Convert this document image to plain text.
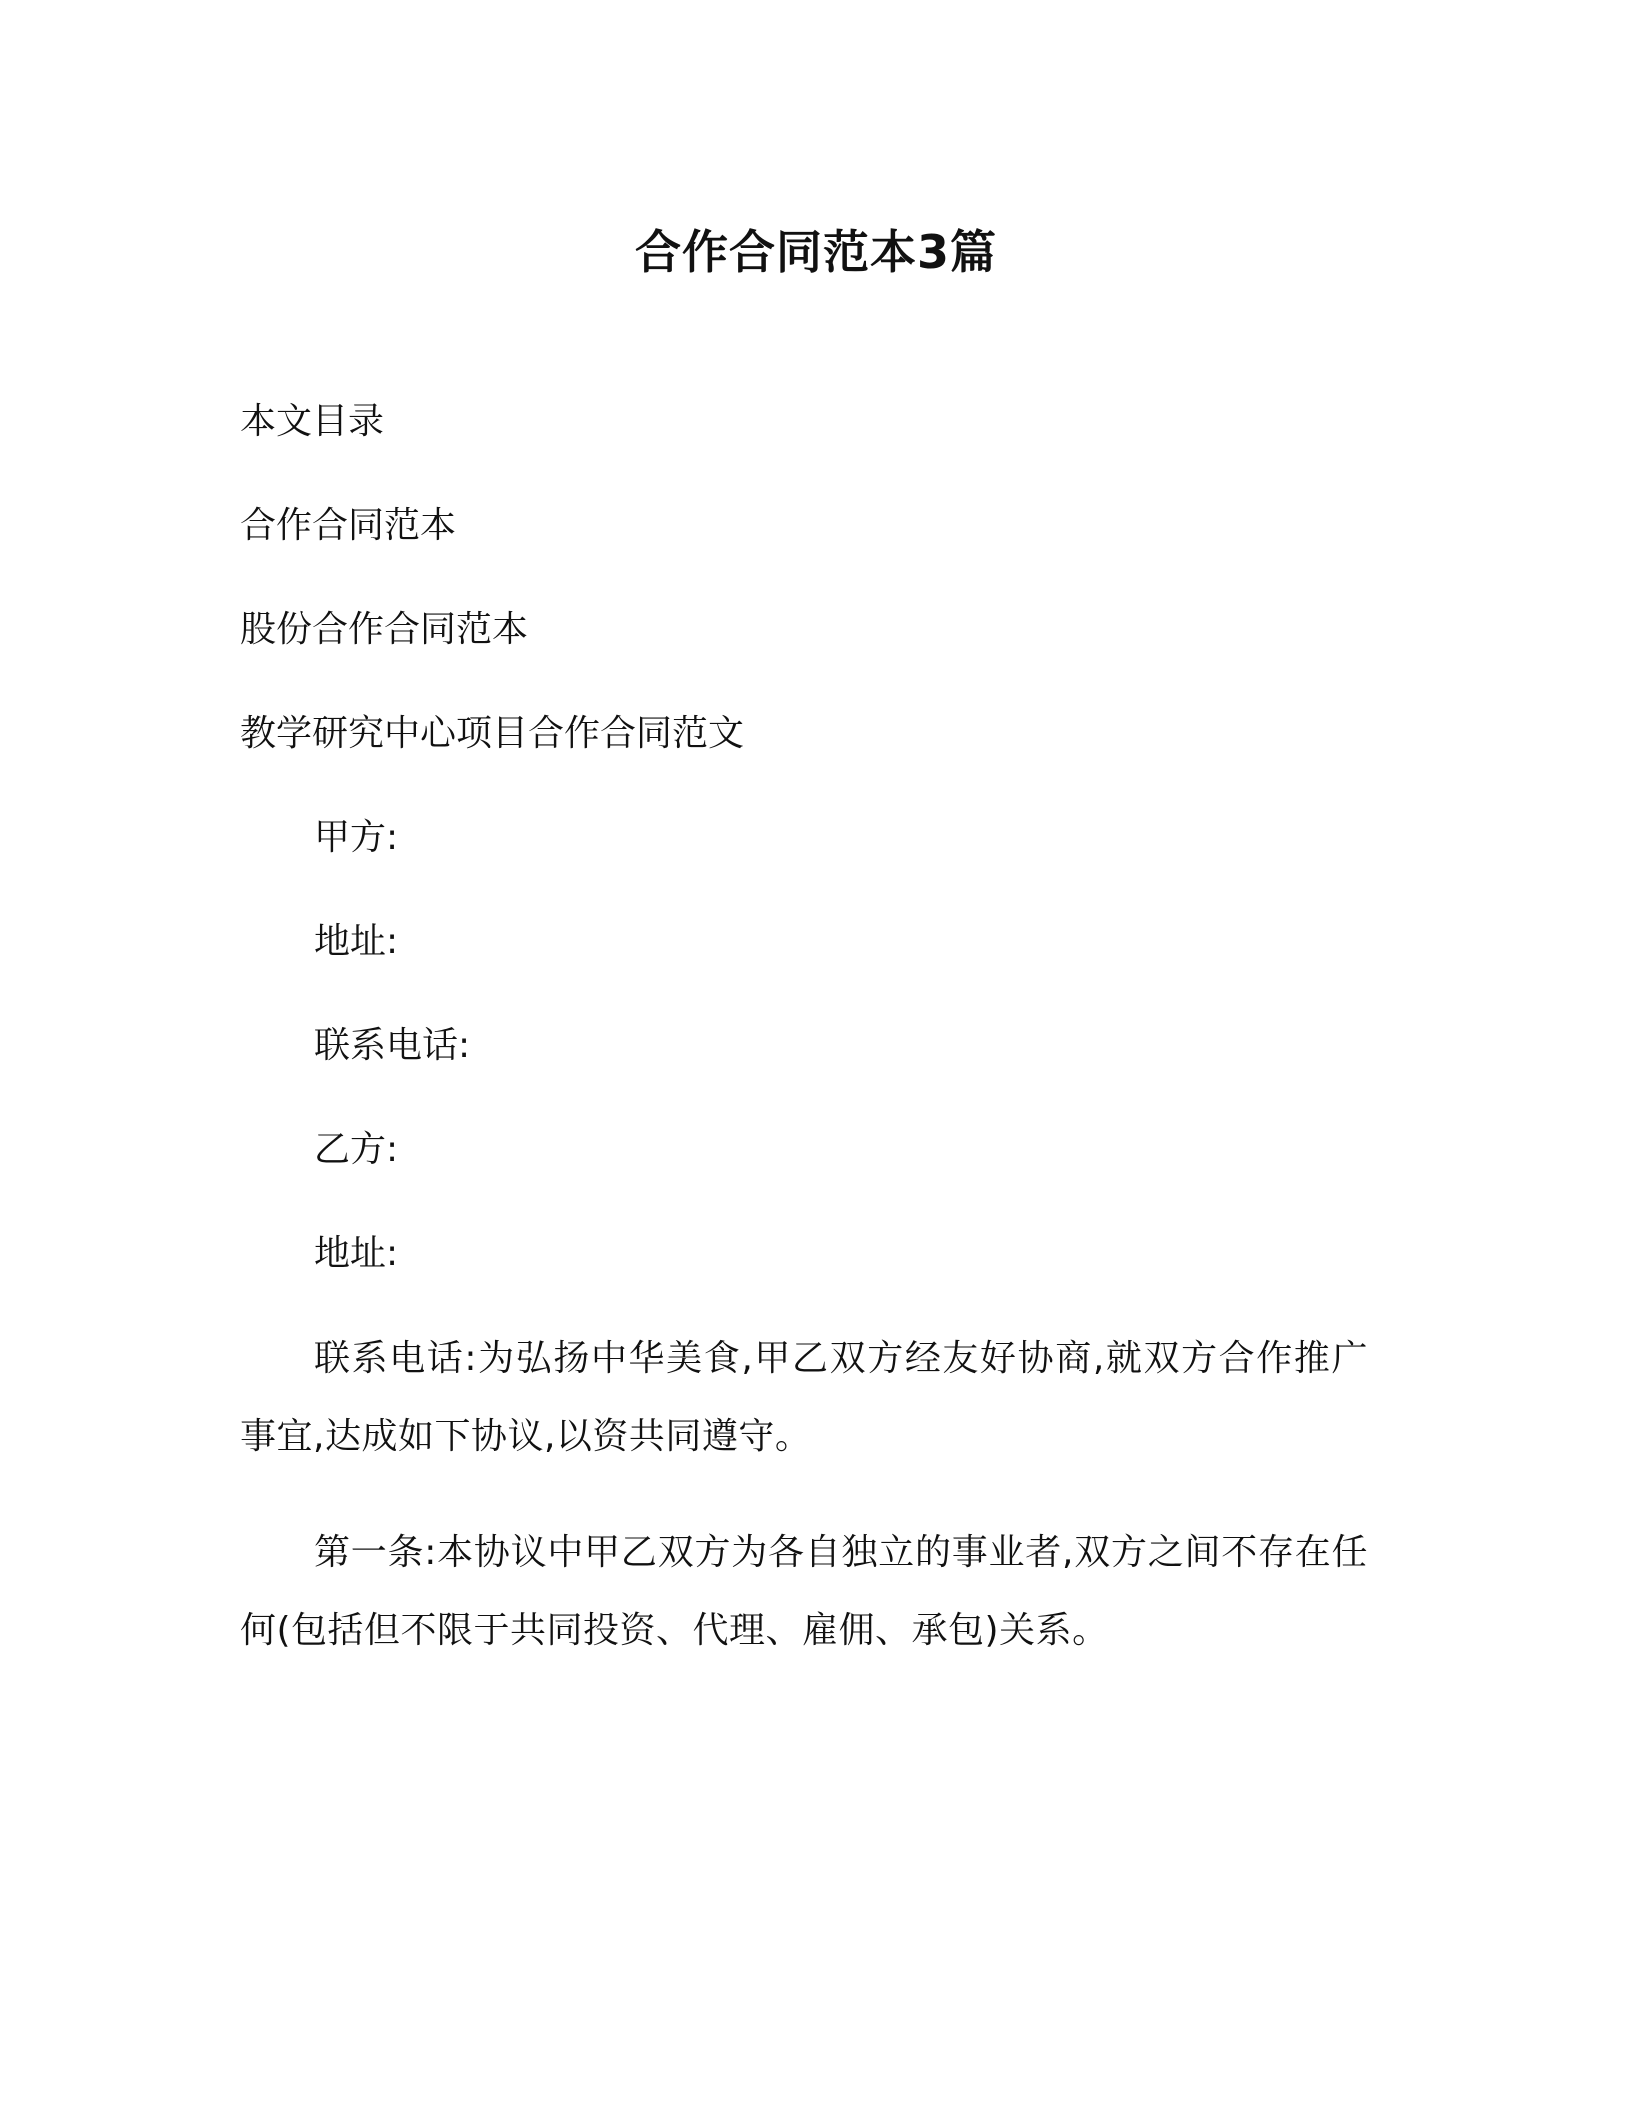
合作合同范本3篇
本文目录
合作合同范本
股份合作合同范本
教学研究中心项目合作合同范文
甲方:
地址:
联系电话:
乙方:
地址:

联系电话:为弘扬中华美食,甲乙双方经友好协商,就双方合作推广事宜,达成如下协议,以资共同遵守。

第一条:本协议中甲乙双方为各自独立的事业者,双方之间不存在任何(包括但不限于共同投资、代理、雇佣、承包)关系。
